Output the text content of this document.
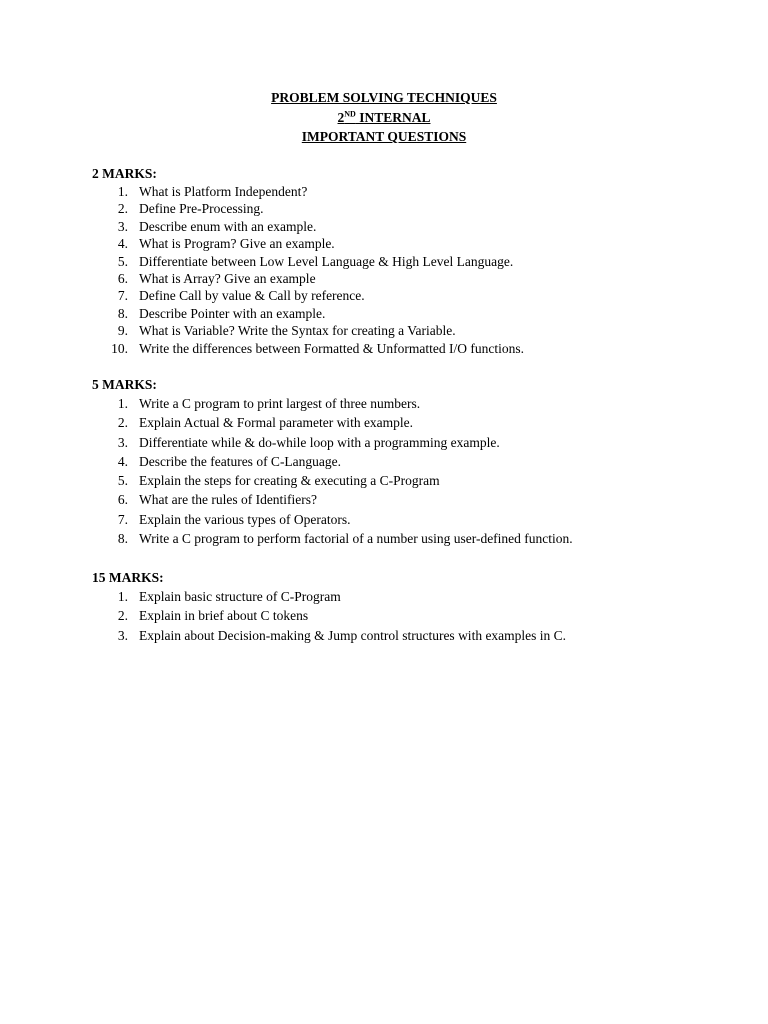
PROBLEM SOLVING TECHNIQUES
2ND INTERNAL
IMPORTANT QUESTIONS
2 MARKS:
1. What is Platform Independent?
2. Define Pre-Processing.
3. Describe enum with an example.
4. What is Program? Give an example.
5. Differentiate between Low Level Language & High Level Language.
6. What is Array? Give an example
7. Define Call by value & Call by reference.
8. Describe Pointer with an example.
9. What is Variable? Write the Syntax for creating a Variable.
10. Write the differences between Formatted & Unformatted I/O functions.
5 MARKS:
1. Write a C program to print largest of three numbers.
2. Explain Actual & Formal parameter with example.
3. Differentiate while & do-while loop with a programming example.
4. Describe the features of C-Language.
5. Explain the steps for creating & executing a C-Program
6. What are the rules of Identifiers?
7. Explain the various types of Operators.
8. Write a C program to perform factorial of a number using user-defined function.
15 MARKS:
1. Explain basic structure of C-Program
2. Explain in brief about C tokens
3. Explain about Decision-making & Jump control structures with examples in C.
